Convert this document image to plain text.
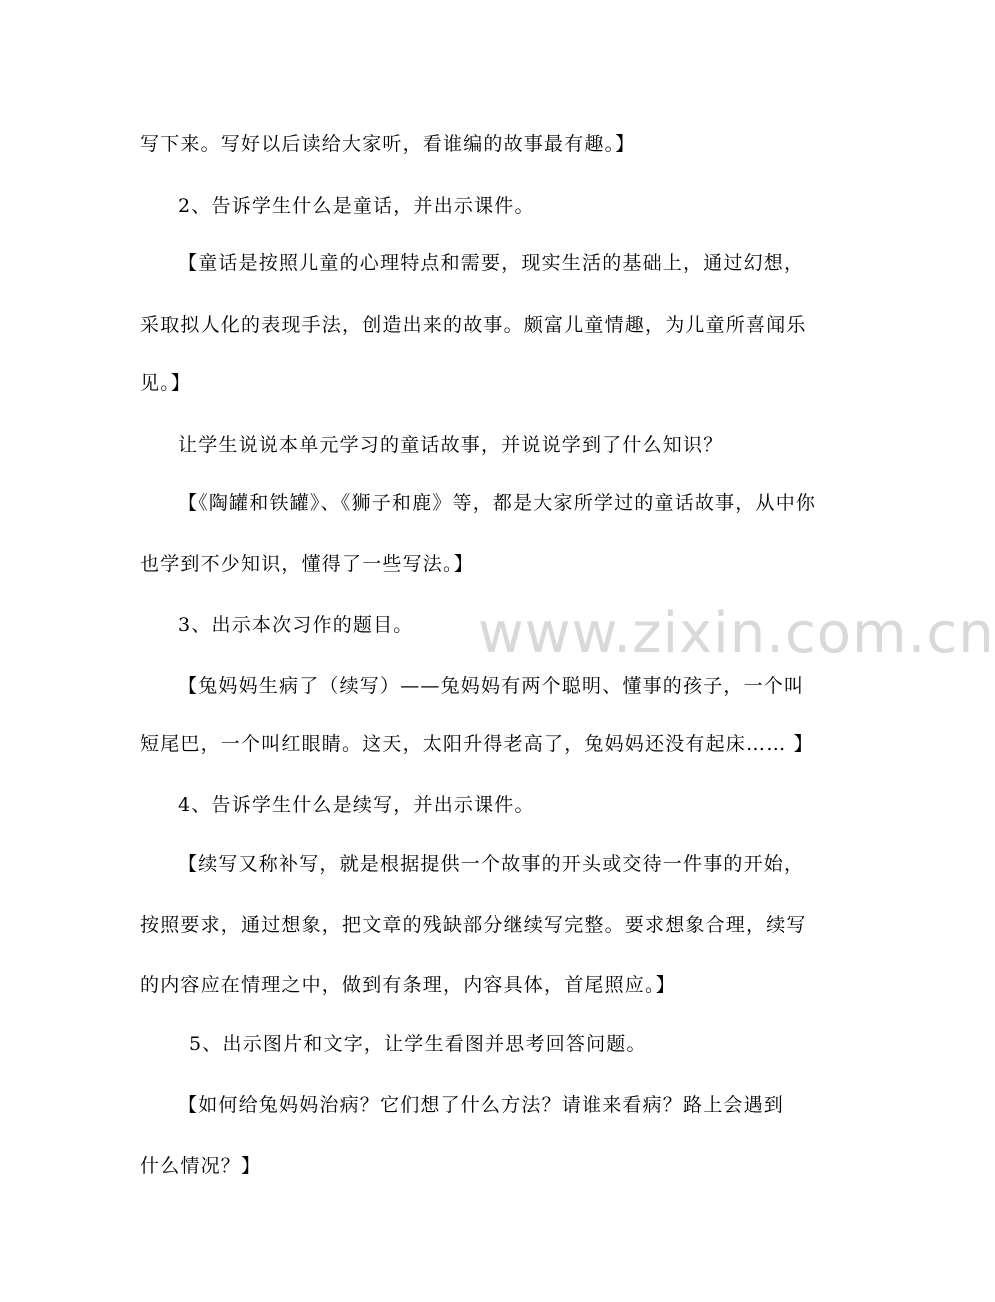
www.zixin.com.cn
写下来。写好以后读给大家听，看谁编的故事最有趣。】
2、告诉学生什么是童话，并出示课件。
【童话是按照儿童的心理特点和需要，现实生活的基础上，通过幻想，
采取拟人化的表现手法，创造出来的故事。颇富儿童情趣，为儿童所喜闻乐
见。】
让学生说说本单元学习的童话故事，并说说学到了什么知识？
【《陶罐和铁罐》、《狮子和鹿》等，都是大家所学过的童话故事，从中你
也学到不少知识，懂得了一些写法。】
3、出示本次习作的题目。
【兔妈妈生病了（续写）——兔妈妈有两个聪明、懂事的孩子，一个叫
短尾巴，一个叫红眼睛。这天，太阳升得老高了，兔妈妈还没有起床…… 】
4、告诉学生什么是续写，并出示课件。
【续写又称补写，就是根据提供一个故事的开头或交待一件事的开始，
按照要求，通过想象，把文章的残缺部分继续写完整。要求想象合理，续写
的内容应在情理之中，做到有条理，内容具体，首尾照应。】
5、出示图片和文字，让学生看图并思考回答问题。
【如何给兔妈妈治病？它们想了什么方法？请谁来看病？路上会遇到
什么情况？】
